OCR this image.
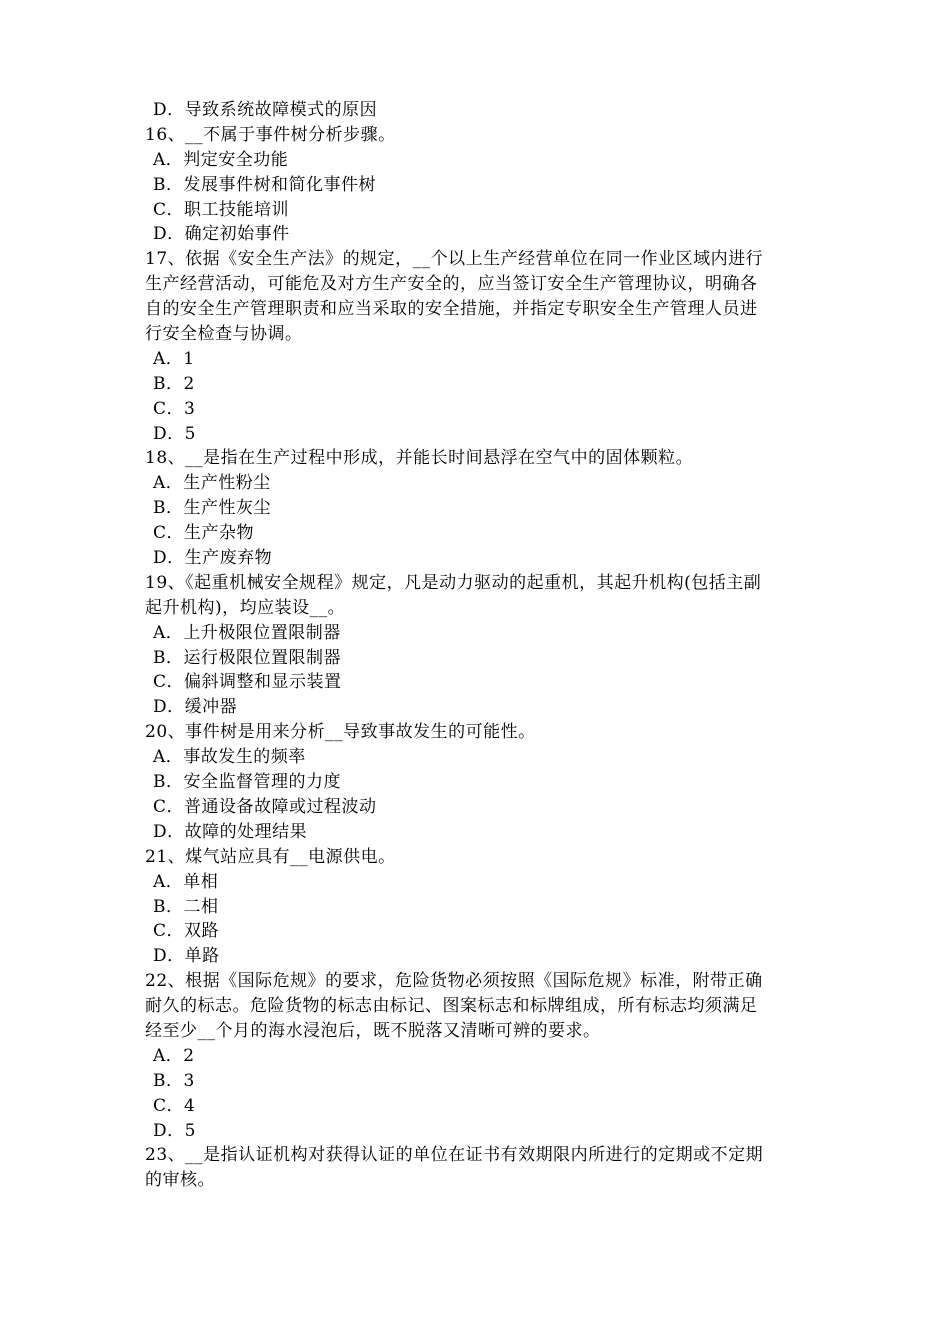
D．导致系统故障模式的原因
16、__不属于事件树分析步骤。
A．判定安全功能
B．发展事件树和简化事件树
C．职工技能培训
D．确定初始事件
17、依据《安全生产法》的规定，__个以上生产经营单位在同一作业区域内进行
生产经营活动，可能危及对方生产安全的，应当签订安全生产管理协议，明确各
自的安全生产管理职责和应当采取的安全措施，并指定专职安全生产管理人员进
行安全检查与协调。
A．1
B．2
C．3
D．5
18、__是指在生产过程中形成，并能长时间悬浮在空气中的固体颗粒。
A．生产性粉尘
B．生产性灰尘
C．生产杂物
D．生产废弃物
19、《起重机械安全规程》规定，凡是动力驱动的起重机，其起升机构(包括主副
起升机构)，均应装设__。
A．上升极限位置限制器
B．运行极限位置限制器
C．偏斜调整和显示装置
D．缓冲器
20、事件树是用来分析__导致事故发生的可能性。
A．事故发生的频率
B．安全监督管理的力度
C．普通设备故障或过程波动
D．故障的处理结果
21、煤气站应具有__电源供电。
A．单相
B．二相
C．双路
D．单路
22、根据《国际危规》的要求，危险货物必须按照《国际危规》标准，附带正确
耐久的标志。危险货物的标志由标记、图案标志和标牌组成，所有标志均须满足
经至少__个月的海水浸泡后，既不脱落又清晰可辨的要求。
A．2
B．3
C．4
D．5
23、__是指认证机构对获得认证的单位在证书有效期限内所进行的定期或不定期
的审核。
